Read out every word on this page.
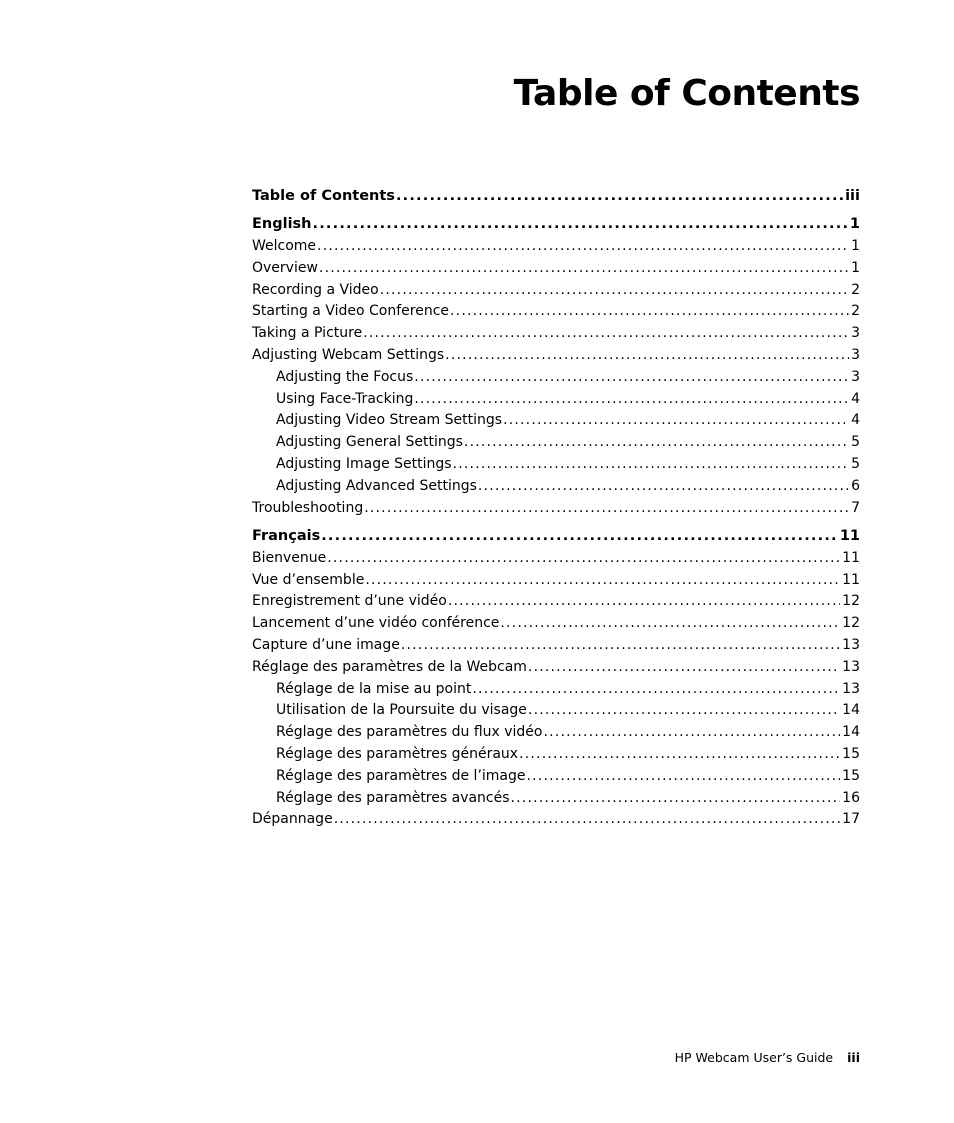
Table of Contents
Table of Contents .....	iii
English .....	1
Welcome .....	1
Overview .....	1
Recording a Video .....	2
Starting a Video Conference .....	2
Taking a Picture .....	3
Adjusting Webcam Settings .....	3
Adjusting the Focus .....	3
Using Face-Tracking .....	4
Adjusting Video Stream Settings .....	4
Adjusting General Settings .....	5
Adjusting Image Settings .....	5
Adjusting Advanced Settings .....	6
Troubleshooting .....	7
Français .....	11
Bienvenue .....	11
Vue d’ensemble .....	11
Enregistrement d’une vidéo .....	12
Lancement d’une vidéo conférence .....	12
Capture d’une image .....	13
Réglage des paramètres de la Webcam .....	13
Réglage de la mise au point .....	13
Utilisation de la Poursuite du visage .....	14
Réglage des paramètres du flux vidéo .....	14
Réglage des paramètres généraux .....	15
Réglage des paramètres de l’image .....	15
Réglage des paramètres avancés .....	16
Dépannage .....	17
HP Webcam User’s Guide iii
